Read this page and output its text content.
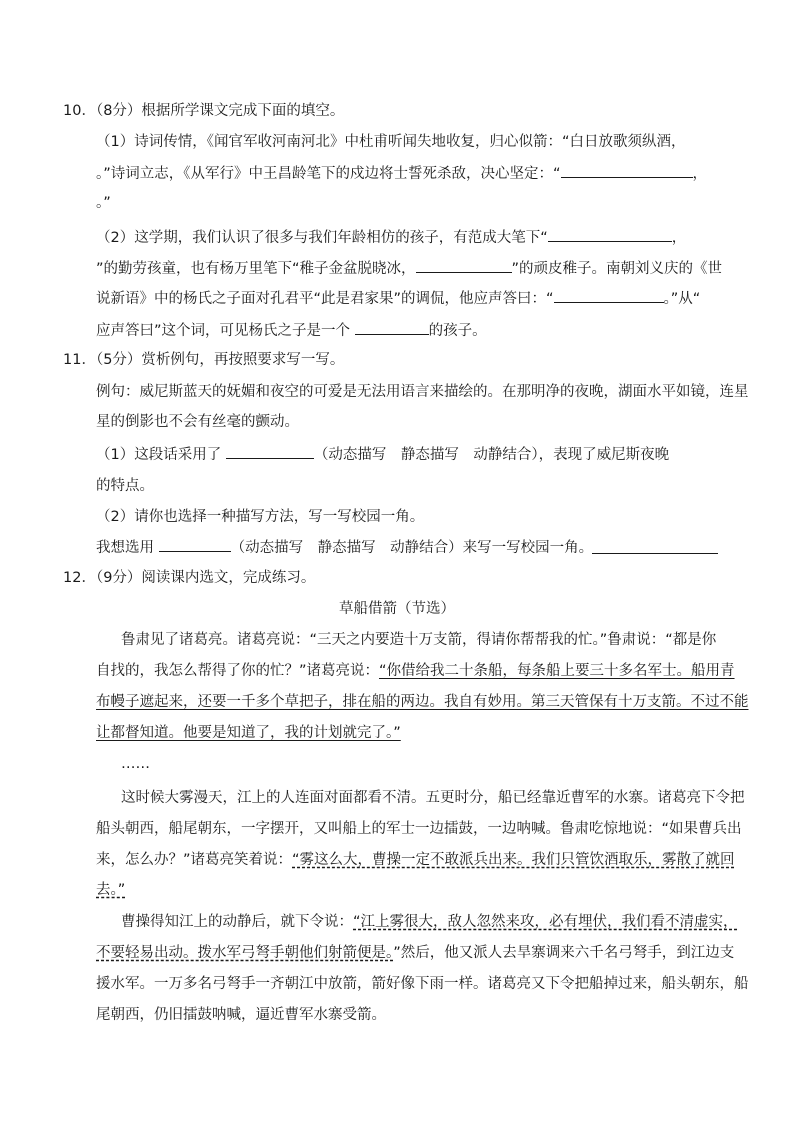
10．（8分）根据所学课文完成下面的填空。
（1）诗词传情，《闻官军收河南河北》中杜甫听闻失地收复，归心似箭：“白日放歌须纵酒，
。”诗词立志，《从军行》中王昌龄笔下的戍边将士誓死杀敌，决心坚定：“	，
。”
（2）这学期，我们认识了很多与我们年龄相仿的孩子，有范成大笔下“	，
”的勤劳孩童，也有杨万里笔下“稚子金盆脱晓冰，	”的顽皮稚子。南朝刘义庆的《世
说新语》中的杨氏之子面对孔君平“此是君家果”的调侃，他应声答曰：“	。”从“
应声答曰”这个词，可见杨氏之子是一个	的孩子。
11．（5分）赏析例句，再按照要求写一写。
例句：威尼斯蓝天的妩媚和夜空的可爱是无法用语言来描绘的。在那明净的夜晚，湖面水平如镜，连星
星的倒影也不会有丝毫的颤动。
（1）这段话采用了	（动态描写　静态描写　动静结合），表现了威尼斯夜晚
的特点。
（2）请你也选择一种描写方法，写一写校园一角。
我想选用	（动态描写　静态描写　动静结合）来写一写校园一角。
12．（9分）阅读课内选文，完成练习。
草船借箭（节选）
鲁肃见了诸葛亮。诸葛亮说：“三天之内要造十万支箭，得请你帮帮我的忙。”鲁肃说：“都是你
自找的，我怎么帮得了你的忙？”诸葛亮说：“你借给我二十条船，每条船上要三十多名军士。船用青
布幔子遮起来，还要一千多个草把子，排在船的两边。我自有妙用。第三天管保有十万支箭。不过不能
让都督知道。他要是知道了，我的计划就完了。”
……
这时候大雾漫天，江上的人连面对面都看不清。五更时分，船已经靠近曹军的水寨。诸葛亮下令把
船头朝西，船尾朝东，一字摆开，又叫船上的军士一边擂鼓，一边呐喊。鲁肃吃惊地说：“如果曹兵出
来，怎么办？”诸葛亮笑着说：“雾这么大，曹操一定不敢派兵出来。我们只管饮酒取乐，雾散了就回
去。”
曹操得知江上的动静后，就下令说：“江上雾很大，敌人忽然来攻，必有埋伏，我们看不清虚实，
不要轻易出动。拨水军弓弩手朝他们射箭便是。”然后，他又派人去旱寨调来六千名弓弩手，到江边支
援水军。一万多名弓弩手一齐朝江中放箭，箭好像下雨一样。诸葛亮又下令把船掉过来，船头朝东，船
尾朝西，仍旧擂鼓呐喊，逼近曹军水寨受箭。
